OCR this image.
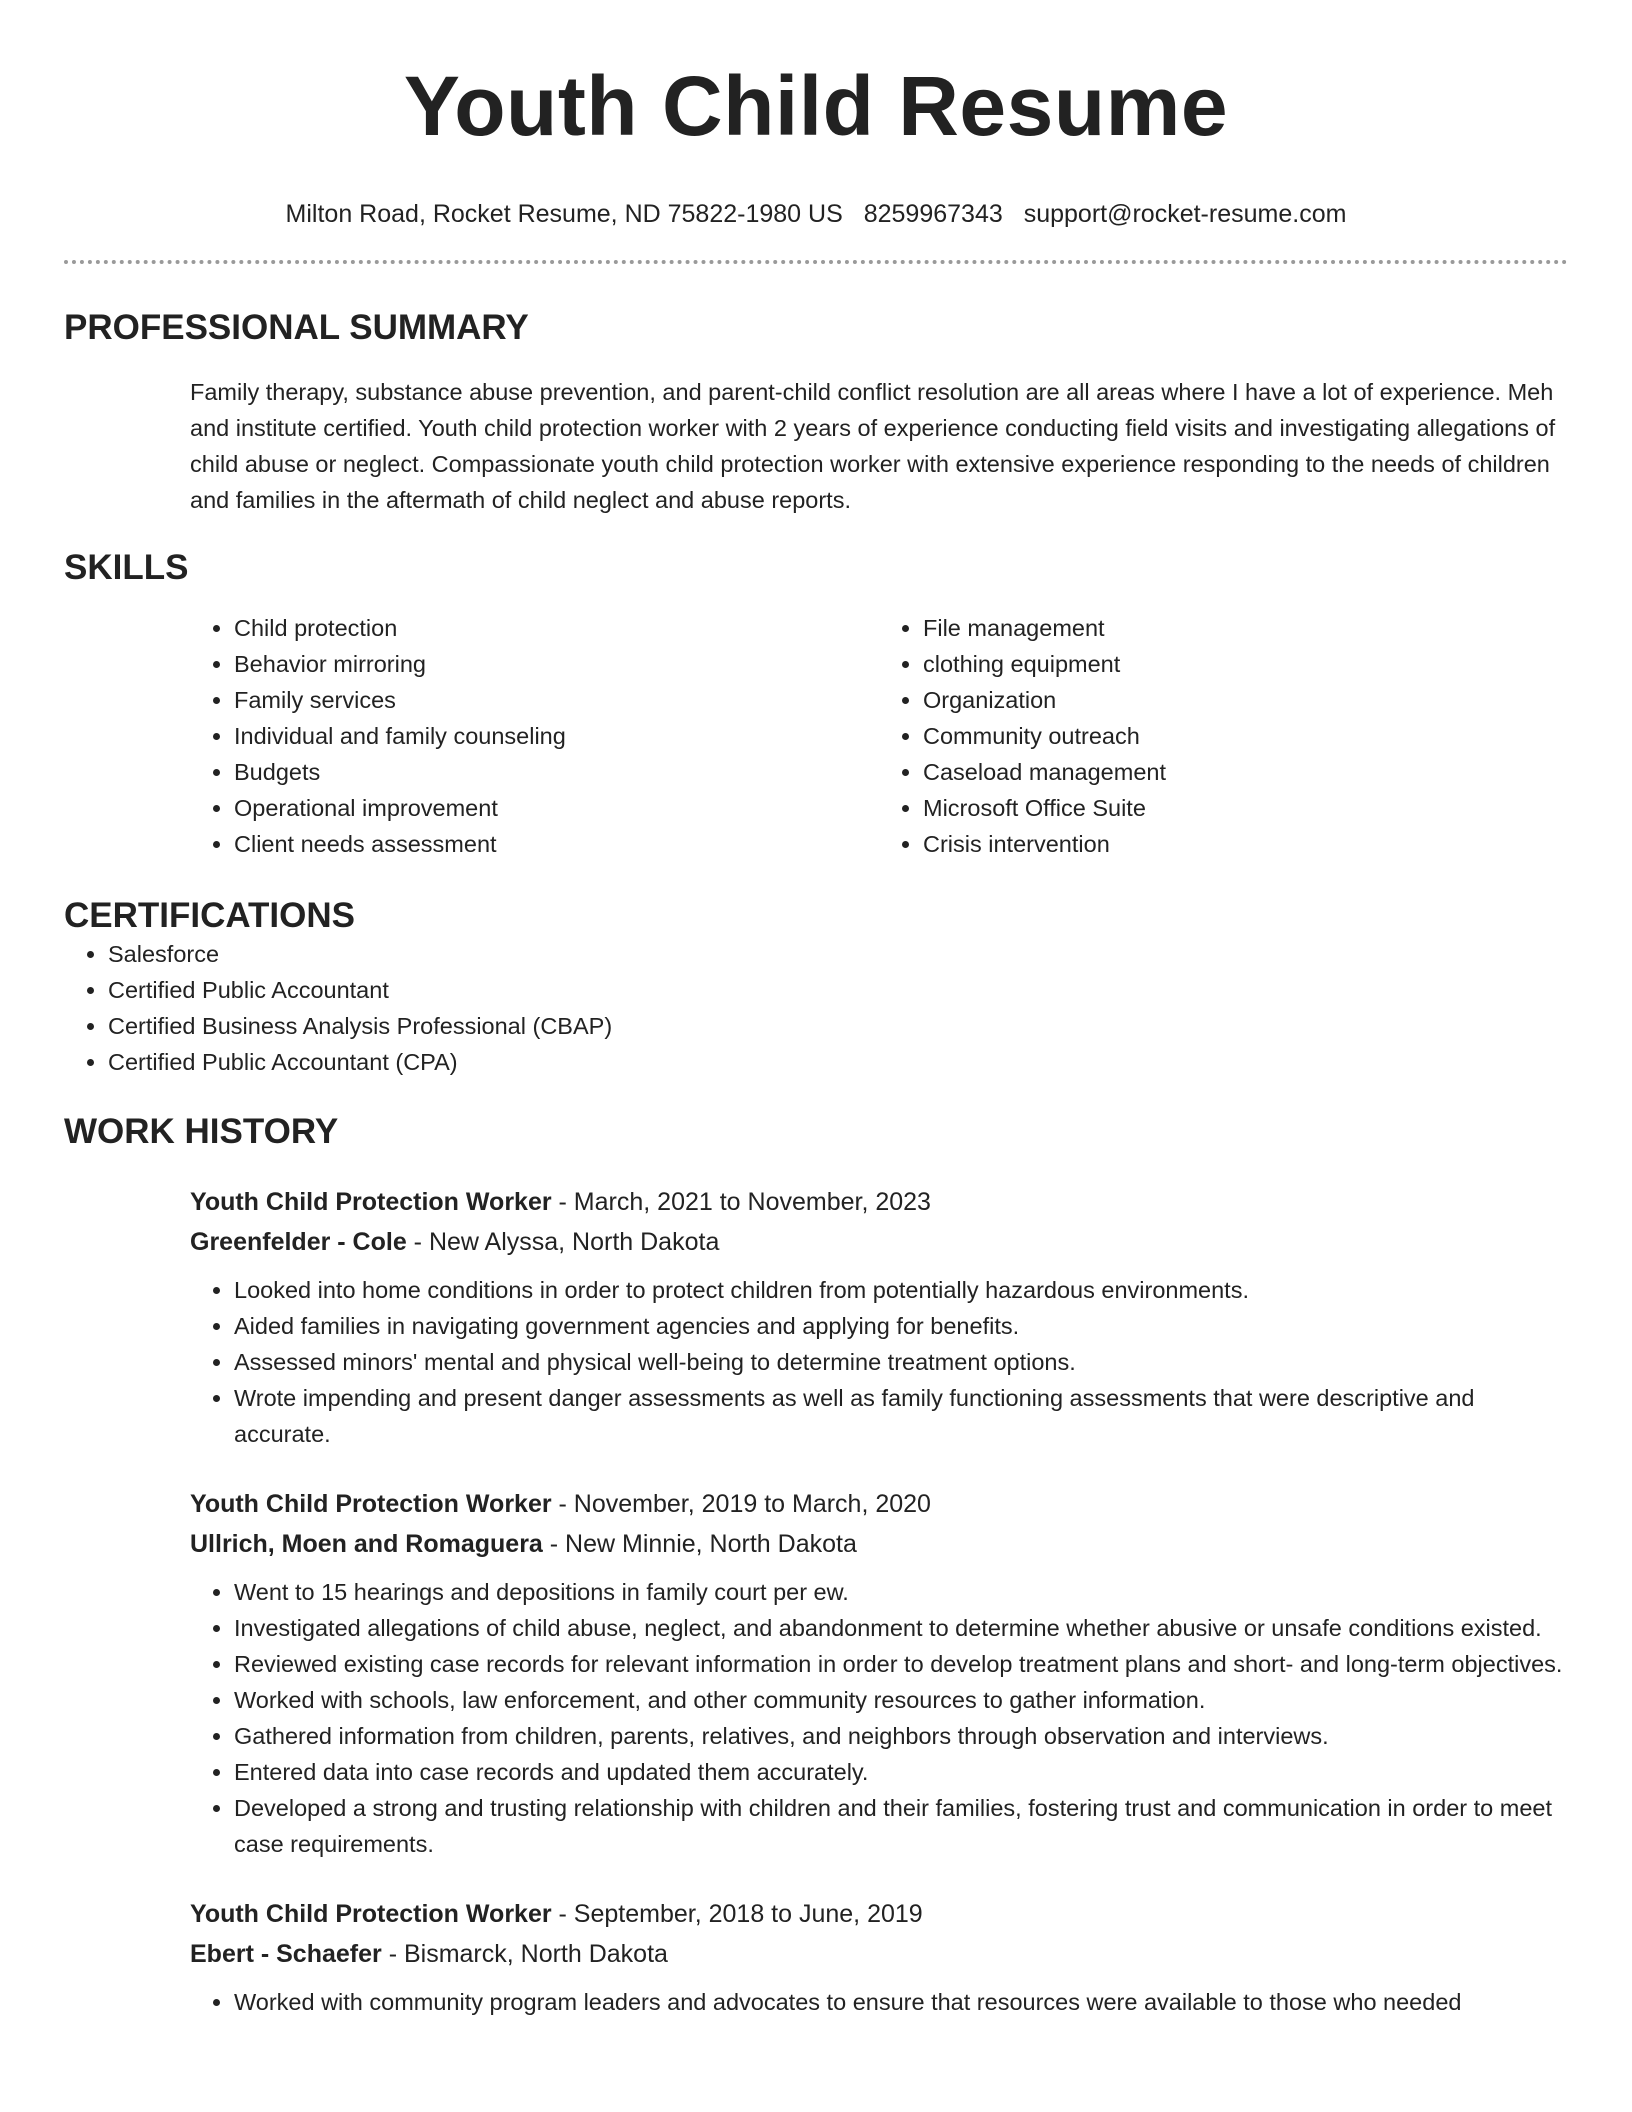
Youth Child Resume
Milton Road, Rocket Resume, ND 75822-1980 US 8259967343 support@rocket-resume.com
PROFESSIONAL SUMMARY
Family therapy, substance abuse prevention, and parent-child conflict resolution are all areas where I have a lot of experience. Meh and institute certified. Youth child protection worker with 2 years of experience conducting field visits and investigating allegations of child abuse or neglect. Compassionate youth child protection worker with extensive experience responding to the needs of children and families in the aftermath of child neglect and abuse reports.
SKILLS
• Child protection
• Behavior mirroring
• Family services
• Individual and family counseling
• Budgets
• Operational improvement
• Client needs assessment
• File management
• clothing equipment
• Organization
• Community outreach
• Caseload management
• Microsoft Office Suite
• Crisis intervention
CERTIFICATIONS
• Salesforce
• Certified Public Accountant
• Certified Business Analysis Professional (CBAP)
• Certified Public Accountant (CPA)
WORK HISTORY
Youth Child Protection Worker - March, 2021 to November, 2023
Greenfelder - Cole - New Alyssa, North Dakota
• Looked into home conditions in order to protect children from potentially hazardous environments.
• Aided families in navigating government agencies and applying for benefits.
• Assessed minors' mental and physical well-being to determine treatment options.
• Wrote impending and present danger assessments as well as family functioning assessments that were descriptive and accurate.
Youth Child Protection Worker - November, 2019 to March, 2020
Ullrich, Moen and Romaguera - New Minnie, North Dakota
• Went to 15 hearings and depositions in family court per ew.
• Investigated allegations of child abuse, neglect, and abandonment to determine whether abusive or unsafe conditions existed.
• Reviewed existing case records for relevant information in order to develop treatment plans and short- and long-term objectives.
• Worked with schools, law enforcement, and other community resources to gather information.
• Gathered information from children, parents, relatives, and neighbors through observation and interviews.
• Entered data into case records and updated them accurately.
• Developed a strong and trusting relationship with children and their families, fostering trust and communication in order to meet case requirements.
Youth Child Protection Worker - September, 2018 to June, 2019
Ebert - Schaefer - Bismarck, North Dakota
• Worked with community program leaders and advocates to ensure that resources were available to those who needed
